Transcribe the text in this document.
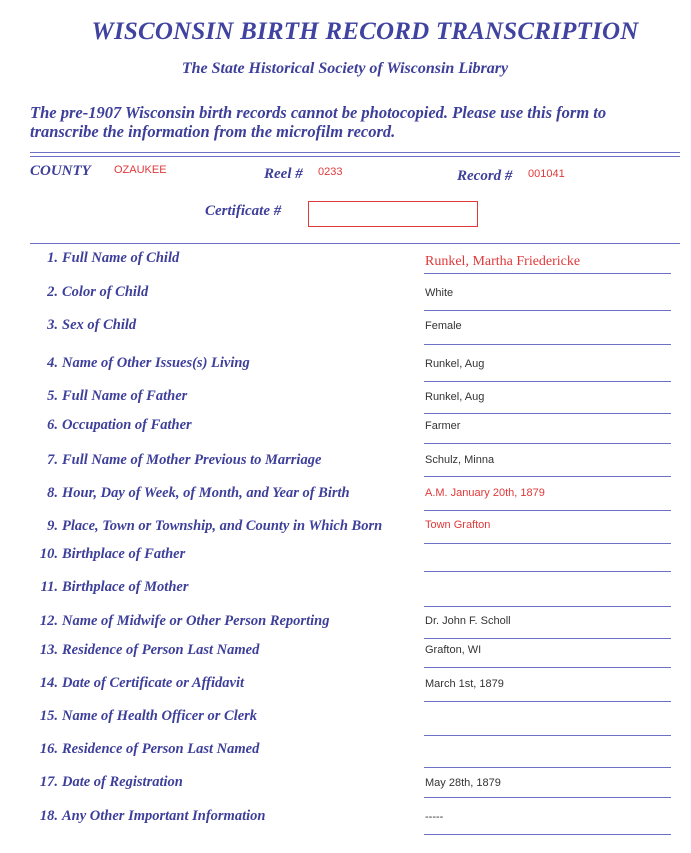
WISCONSIN BIRTH RECORD TRANSCRIPTION
The State Historical Society of Wisconsin Library
The pre-1907 Wisconsin birth records cannot be photocopied. Please use this form to
transcribe the information from the microfilm record.
COUNTY OZAUKEE	Reel # 0233	Record # 001041
Certificate #
1. Full Name of Child	Runkel, Martha Friedericke
2. Color of Child	White
3. Sex of Child	Female
4. Name of Other Issues(s) Living	Runkel, Aug
5. Full Name of Father	Runkel, Aug
6. Occupation of Father	Farmer
7. Full Name of Mother Previous to Marriage	Schulz, Minna
8. Hour, Day of Week, of Month, and Year of Birth	A.M. January 20th, 1879
9. Place, Town or Township, and County in Which Born	Town Grafton
10. Birthplace of Father
11. Birthplace of Mother
12. Name of Midwife or Other Person Reporting	Dr. John F. Scholl
13. Residence of Person Last Named	Grafton, WI
14. Date of Certificate or Affidavit	March 1st, 1879
15. Name of Health Officer or Clerk
16. Residence of Person Last Named
17. Date of Registration	May 28th, 1879
18. Any Other Important Information	-----
